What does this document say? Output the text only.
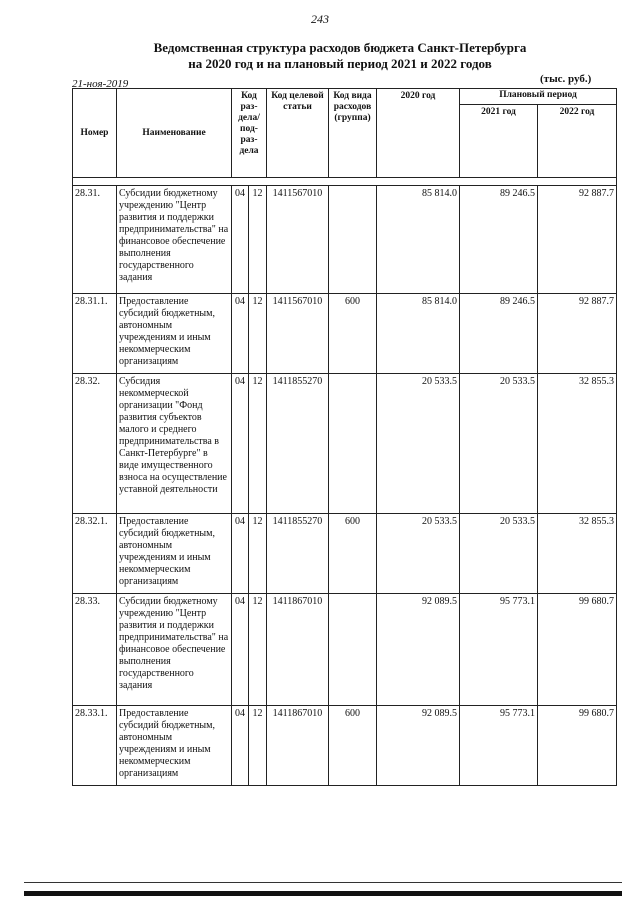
243
Ведомственная структура расходов бюджета Санкт-Петербурга
на 2020 год и на плановый период 2021 и 2022 годов
21-ноя-2019	(тыс. руб.)
Номер	Наименование	Код раз-дела/ под-раз-дела		Код целевой статьи	Код вида расходов (группа)	2020 год	Плановый период	
							2021 год	2022 год

28.31.	Субсидии бюджетному учреждению "Центр развития и поддержки предпринимательства" на финансовое обеспечение выполнения государственного задания	04	12	1411567010		85 814.0	89 246.5	92 887.7
28.31.1.	Предоставление субсидий бюджетным, автономным учреждениям и иным некоммерческим организациям	04	12	1411567010	600	85 814.0	89 246.5	92 887.7
28.32.	Субсидия некоммерческой организации "Фонд развития субъектов малого и среднего предпринимательства в Санкт-Петербурге" в виде имущественного взноса на осуществление уставной деятельности	04	12	1411855270		20 533.5	20 533.5	32 855.3
28.32.1.	Предоставление субсидий бюджетным, автономным учреждениям и иным некоммерческим организациям	04	12	1411855270	600	20 533.5	20 533.5	32 855.3
28.33.	Субсидии бюджетному учреждению "Центр развития и поддержки предпринимательства" на финансовое обеспечение выполнения государственного задания	04	12	1411867010		92 089.5	95 773.1	99 680.7
28.33.1.	Предоставление субсидий бюджетным, автономным учреждениям и иным некоммерческим организациям	04	12	1411867010	600	92 089.5	95 773.1	99 680.7
